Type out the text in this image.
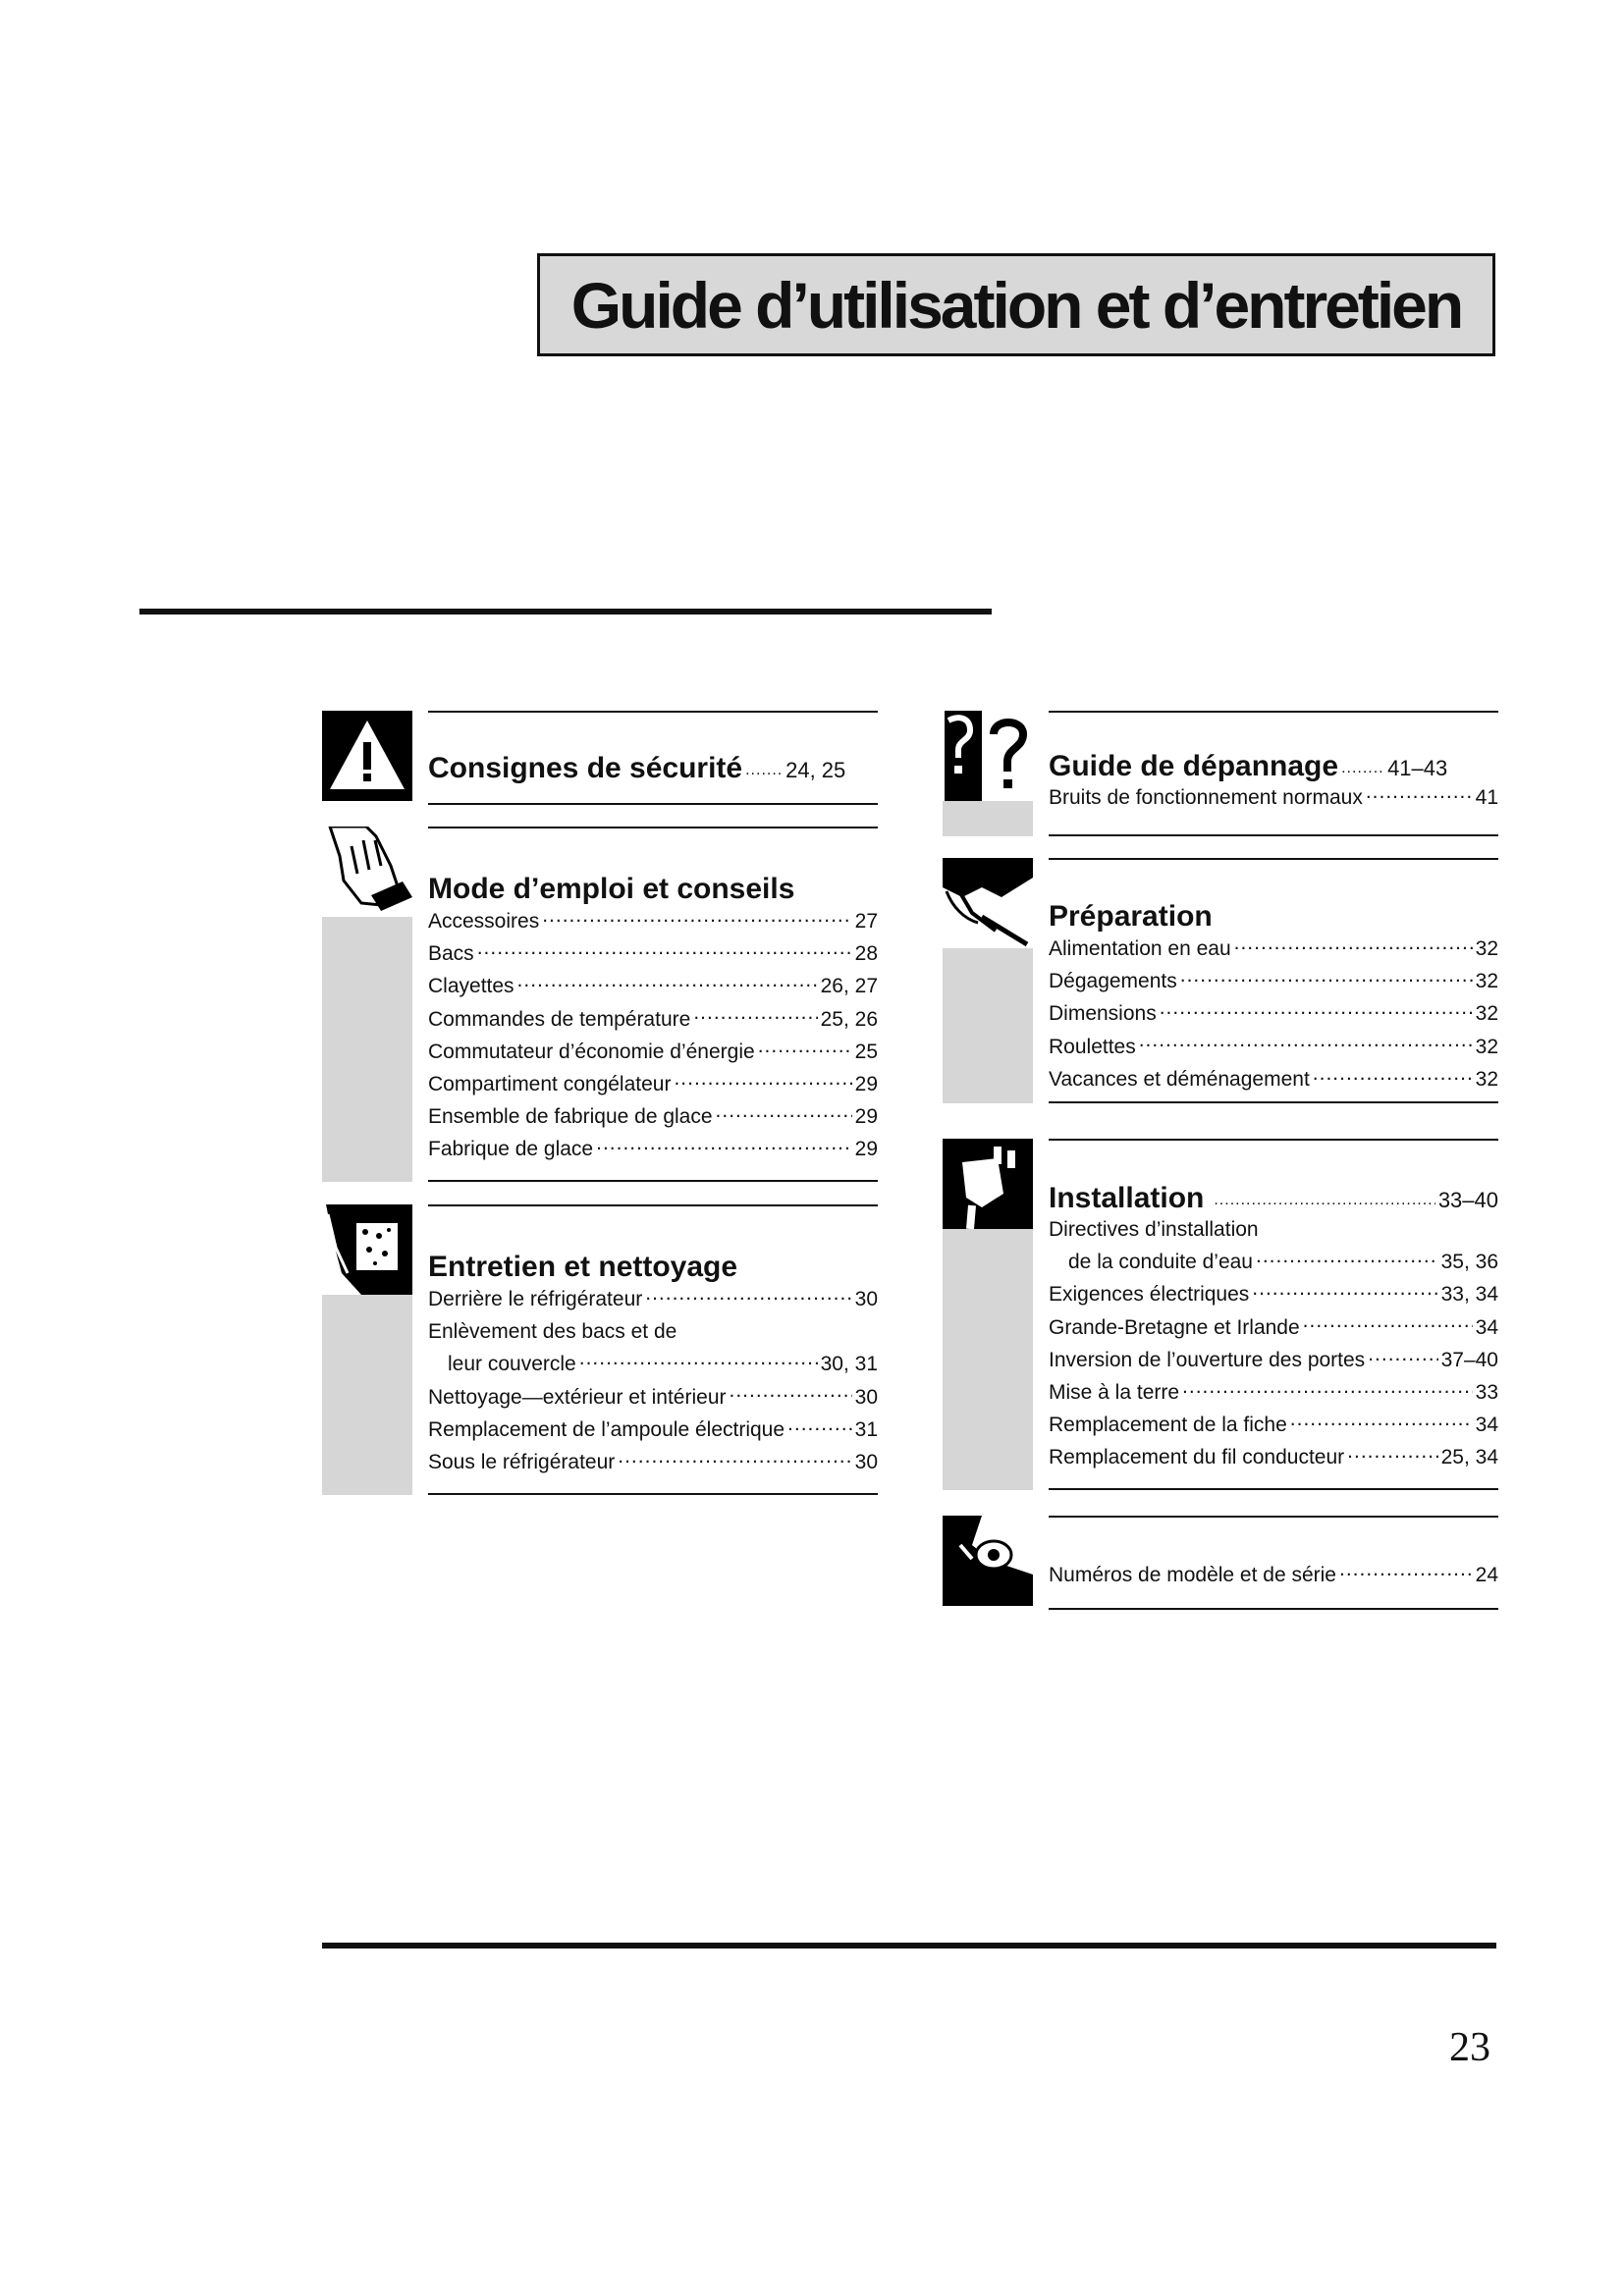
Guide d’utilisation et d’entretien
Consignes de sécurité ..... 24, 25
Mode d’emploi et conseils
Accessoires .....	27
Bacs .....	28
Clayettes .....	26, 27
Commandes de température .....	25, 26
Commutateur d’économie d’énergie .....	25
Compartiment congélateur .....	29
Ensemble de fabrique de glace .....	29
Fabrique de glace .....	29
Entretien et nettoyage
Derrière le réfrigérateur .....	30
Enlèvement des bacs et de
leur couvercle .....	30, 31
Nettoyage—extérieur et intérieur .....	30
Remplacement de l’ampoule électrique .....	31
Sous le réfrigérateur .....	30
Guide de dépannage ..... 41–43
Bruits de fonctionnement normaux .....	41
Préparation
Alimentation en eau .....	32
Dégagements .....	32
Dimensions .....	32
Roulettes .....	32
Vacances et déménagement .....	32
Installation .....	33–40
Directives d’installation
de la conduite d’eau .....	35, 36
Exigences électriques .....	33, 34
Grande-Bretagne et Irlande .....	34
Inversion de l’ouverture des portes .....	37–40
Mise à la terre .....	33
Remplacement de la fiche .....	34
Remplacement du fil conducteur .....	25, 34
Numéros de modèle et de série .....	24
23
